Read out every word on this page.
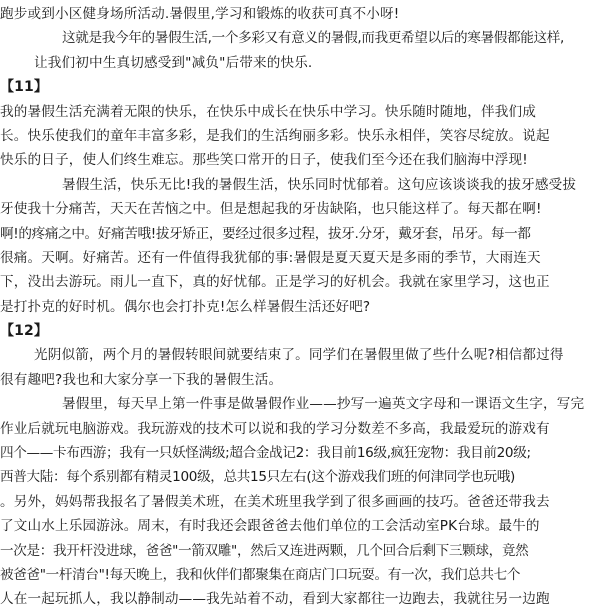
跑步或到小区健身场所活动.暑假里,学习和锻炼的收获可真不小呀!
这就是我今年的暑假生活,一个多彩又有意义的暑假,而我更希望以后的寒暑假都能这样,
让我们初中生真切感受到"减负"后带来的快乐.
【11】
我的暑假生活充满着无限的快乐，在快乐中成长在快乐中学习。快乐随时随地，伴我们成
长。快乐使我们的童年丰富多彩，是我们的生活绚丽多彩。快乐永相伴，笑容尽绽放。说起
快乐的日子，使人们终生难忘。那些笑口常开的日子，使我们至今还在我们脑海中浮现!
暑假生活，快乐无比!我的暑假生活，快乐同时忧郁着。这句应该谈谈我的拔牙感受拔
牙使我十分痛苦，天天在苦恼之中。但是想起我的牙齿缺陷，也只能这样了。每天都在啊!
啊!的疼痛之中。好痛苦哦!拔牙矫正，要经过很多过程，拔牙.分牙，戴牙套，吊牙。每一都
很痛。天啊。好痛苦。还有一件值得我犹郁的事:暑假是夏天夏天是多雨的季节，大雨连天
下，没出去游玩。雨儿一直下，真的好忧郁。正是学习的好机会。我就在家里学习，这也正
是打扑克的好时机。偶尔也会打扑克!怎么样暑假生活还好吧?
【12】
光阴似箭，两个月的暑假转眼间就要结束了。同学们在暑假里做了些什么呢?相信都过得
很有趣吧?我也和大家分享一下我的暑假生活。
暑假里，每天早上第一件事是做暑假作业——抄写一遍英文字母和一课语文生字，写完
作业后就玩电脑游戏。我玩游戏的技术可以说和我的学习分数差不多高，我最爱玩的游戏有
四个——卡布西游；我有一只妖怪满级;超合金战记2：我目前16级,疯狂宠物：我目前20级;
西普大陆：每个系别都有精灵100级，总共15只左右(这个游戏我们班的何津同学也玩哦)
。另外，妈妈帮我报名了暑假美术班，在美术班里我学到了很多画画的技巧。爸爸还带我去
了文山水上乐园游泳。周末，有时我还会跟爸爸去他们单位的工会活动室PK台球。最牛的
一次是：我开杆没进球，爸爸"一箭双雕"，然后又连进两颗，几个回合后剩下三颗球，竟然
被爸爸"一杆清台"!每天晚上，我和伙伴们都聚集在商店门口玩耍。有一次，我们总共七个
人在一起玩抓人，我以静制动——我先站着不动，看到大家都往一边跑去，我就往另一边跑
